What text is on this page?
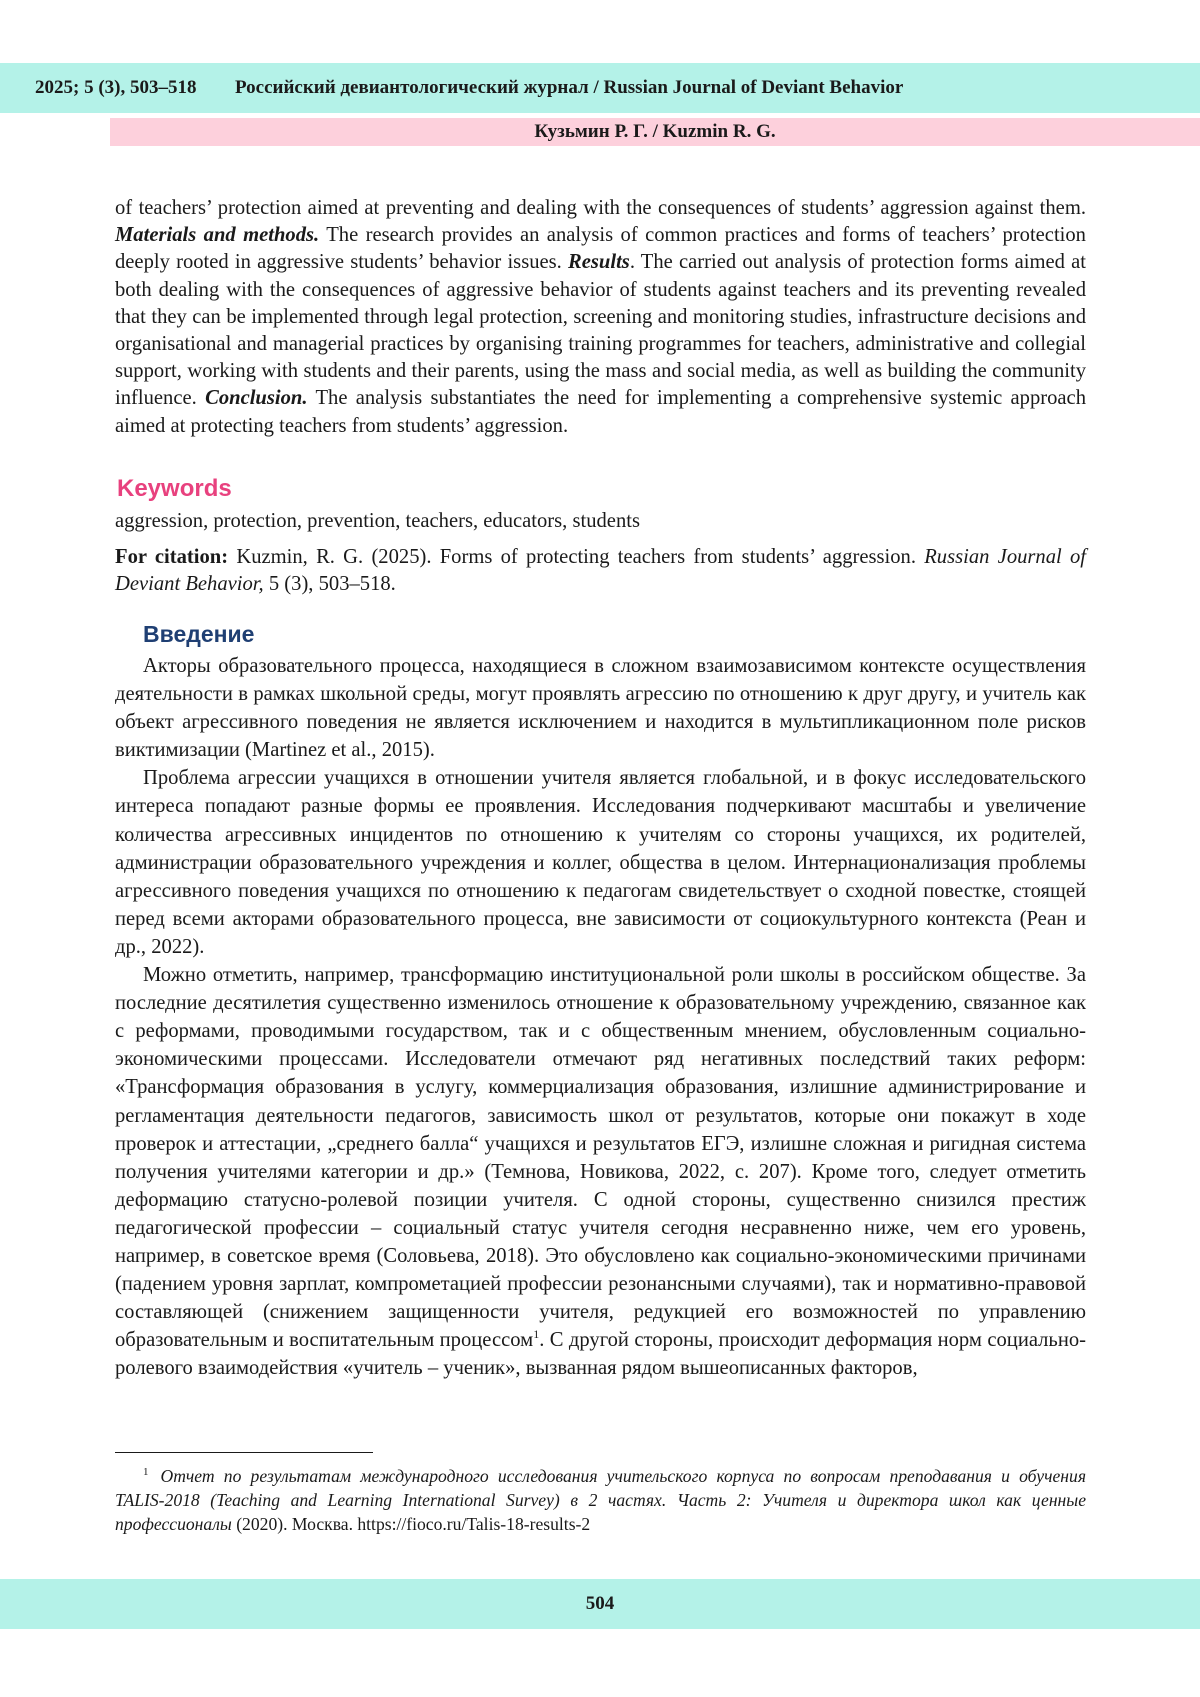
2025; 5 (3), 503–518 Российский девиантологический журнал / Russian Journal of Deviant Behavior
Кузьмин Р. Г. / Kuzmin R. G.
of teachers’ protection aimed at preventing and dealing with the consequences of students’ aggression against them. Materials and methods. The research provides an analysis of common practices and forms of teachers’ protection deeply rooted in aggressive students’ behavior issues. Results. The carried out analysis of protection forms aimed at both dealing with the consequences of aggressive behavior of students against teachers and its preventing revealed that they can be implemented through legal protection, screening and monitoring studies, infrastructure decisions and organisational and managerial practices by organising training programmes for teachers, administrative and collegial support, working with students and their parents, using the mass and social media, as well as building the community influence. Conclusion. The analysis substantiates the need for implementing a comprehensive systemic approach aimed at protecting teachers from students’ aggression.
Keywords
aggression, protection, prevention, teachers, educators, students
For citation: Kuzmin, R. G. (2025). Forms of protecting teachers from students’ aggression. Russian Journal of Deviant Behavior, 5 (3), 503–518.
Введение

Акторы образовательного процесса, находящиеся в сложном взаимозависимом контексте осуществления деятельности в рамках школьной среды, могут проявлять агрессию по отношению к друг другу, и учитель как объект агрессивного поведения не является исключением и находится в мультипликационном поле рисков виктимизации (Martinez et al., 2015).

Проблема агрессии учащихся в отношении учителя является глобальной, и в фокус исследовательского интереса попадают разные формы ее проявления. Исследования подчеркивают масштабы и увеличение количества агрессивных инцидентов по отношению к учителям со стороны учащихся, их родителей, администрации образовательного учреждения и коллег, общества в целом. Интернационализация проблемы агрессивного поведения учащихся по отношению к педагогам свидетельствует о сходной повестке, стоящей перед всеми акторами образовательного процесса, вне зависимости от социокультурного контекста (Реан и др., 2022).

Можно отметить, например, трансформацию институциональной роли школы в российском обществе. За последние десятилетия существенно изменилось отношение к образовательному учреждению, связанное как с реформами, проводимыми государством, так и с общественным мнением, обусловленным социально-экономическими процессами. Исследователи отмечают ряд негативных последствий таких реформ: «Трансформация образования в услугу, коммерциализация образования, излишние администрирование и регламентация деятельности педагогов, зависимость школ от результатов, которые они покажут в ходе проверок и аттестации, „среднего балла“ учащихся и результатов ЕГЭ, излишне сложная и ригидная система получения учителями категории и др.» (Темнова, Новикова, 2022, с. 207). Кроме того, следует отметить деформацию статусно-ролевой позиции учителя. С одной стороны, существенно снизился престиж педагогической профессии – социальный статус учителя сегодня несравненно ниже, чем его уровень, например, в советское время (Соловьева, 2018). Это обусловлено как социально-экономическими причинами (падением уровня зарплат, компрометацией профессии резонансными случаями), так и нормативно-правовой составляющей (снижением защищенности учителя, редукцией его возможностей по управлению образовательным и воспитательным процессом$^1$. С другой стороны, происходит деформация норм социально-ролевого взаимодействия «учитель – ученик», вызванная рядом вышеописанных факторов,

$^1$ Отчет по результатам международного исследования учительского корпуса по вопросам преподавания и обучения TALIS-2018 (Teaching and Learning International Survey) в 2 частях. Часть 2: Учителя и директора школ как ценные профессионалы (2020). Москва. https://fioco.ru/Talis-18-results-2
504
